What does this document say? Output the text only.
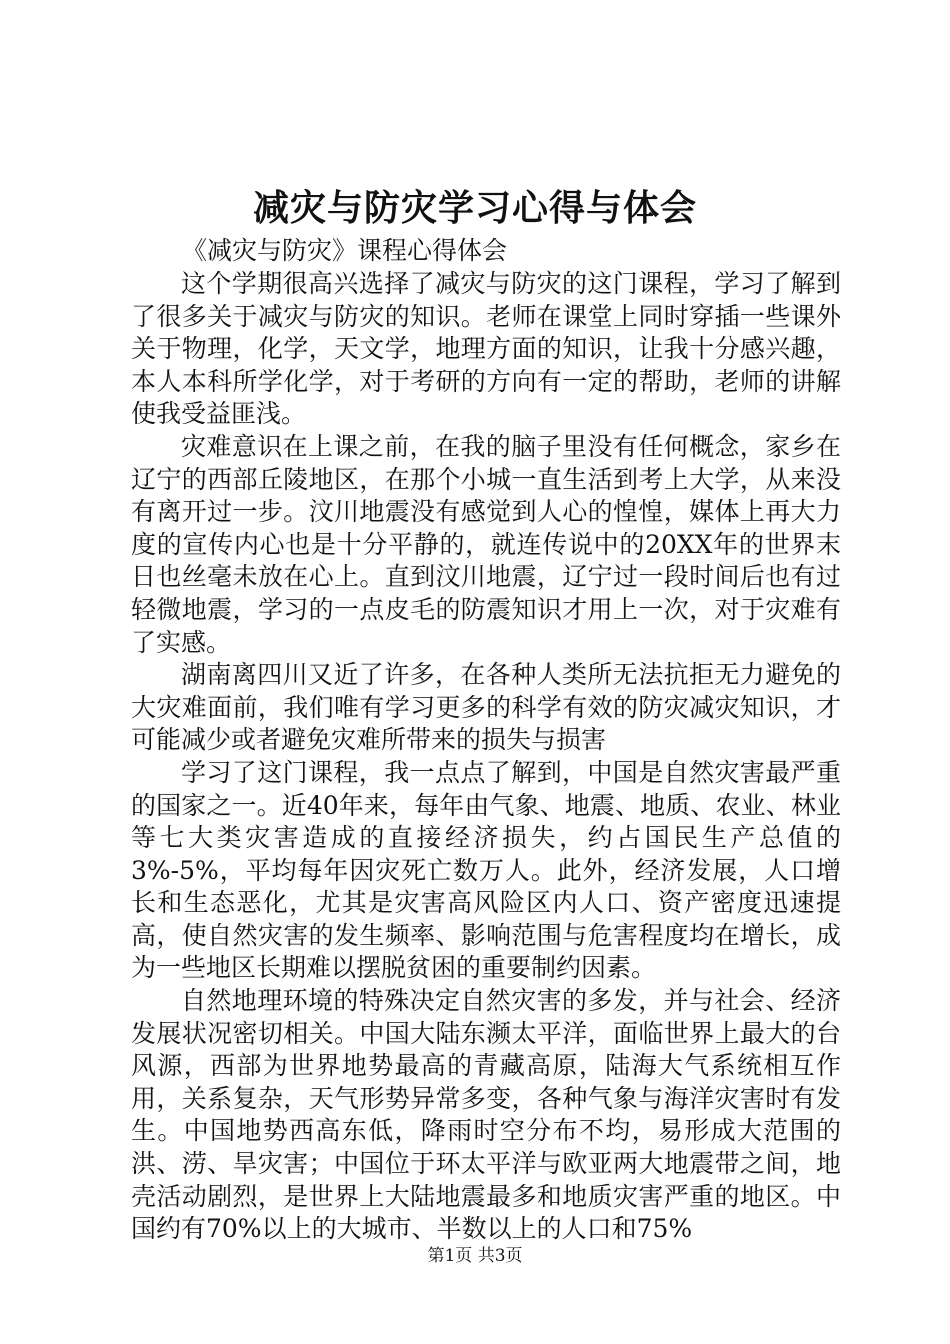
减灾与防灾学习心得与体会
《减灾与防灾》课程心得体会

这个学期很高兴选择了减灾与防灾的这门课程，学习了解到了很多关于减灾与防灾的知识。老师在课堂上同时穿插一些课外关于物理，化学，天文学，地理方面的知识，让我十分感兴趣，本人本科所学化学，对于考研的方向有一定的帮助，老师的讲解使我受益匪浅。

灾难意识在上课之前，在我的脑子里没有任何概念，家乡在辽宁的西部丘陵地区，在那个小城一直生活到考上大学，从来没有离开过一步。汶川地震没有感觉到人心的惶惶，媒体上再大力度的宣传内心也是十分平静的，就连传说中的20XX年的世界末日也丝毫未放在心上。直到汶川地震，辽宁过一段时间后也有过轻微地震，学习的一点皮毛的防震知识才用上一次，对于灾难有了实感。

湖南离四川又近了许多，在各种人类所无法抗拒无力避免的大灾难面前，我们唯有学习更多的科学有效的防灾减灾知识，才可能减少或者避免灾难所带来的损失与损害

学习了这门课程，我一点点了解到，中国是自然灾害最严重的国家之一。近40年来，每年由气象、地震、地质、农业、林业等七大类灾害造成的直接经济损失，约占国民生产总值的3%-5%，平均每年因灾死亡数万人。此外，经济发展，人口增长和生态恶化，尤其是灾害高风险区内人口、资产密度迅速提高，使自然灾害的发生频率、影响范围与危害程度均在增长，成为一些地区长期难以摆脱贫困的重要制约因素。

自然地理环境的特殊决定自然灾害的多发，并与社会、经济发展状况密切相关。中国大陆东濒太平洋，面临世界上最大的台风源，西部为世界地势最高的青藏高原，陆海大气系统相互作用，关系复杂，天气形势异常多变，各种气象与海洋灾害时有发生。中国地势西高东低，降雨时空分布不均，易形成大范围的洪、涝、旱灾害；中国位于环太平洋与欧亚两大地震带之间，地壳活动剧烈，是世界上大陆地震最多和地质灾害严重的地区。中国约有70%以上的大城市、半数以上的人口和75%

第1页 共3页
